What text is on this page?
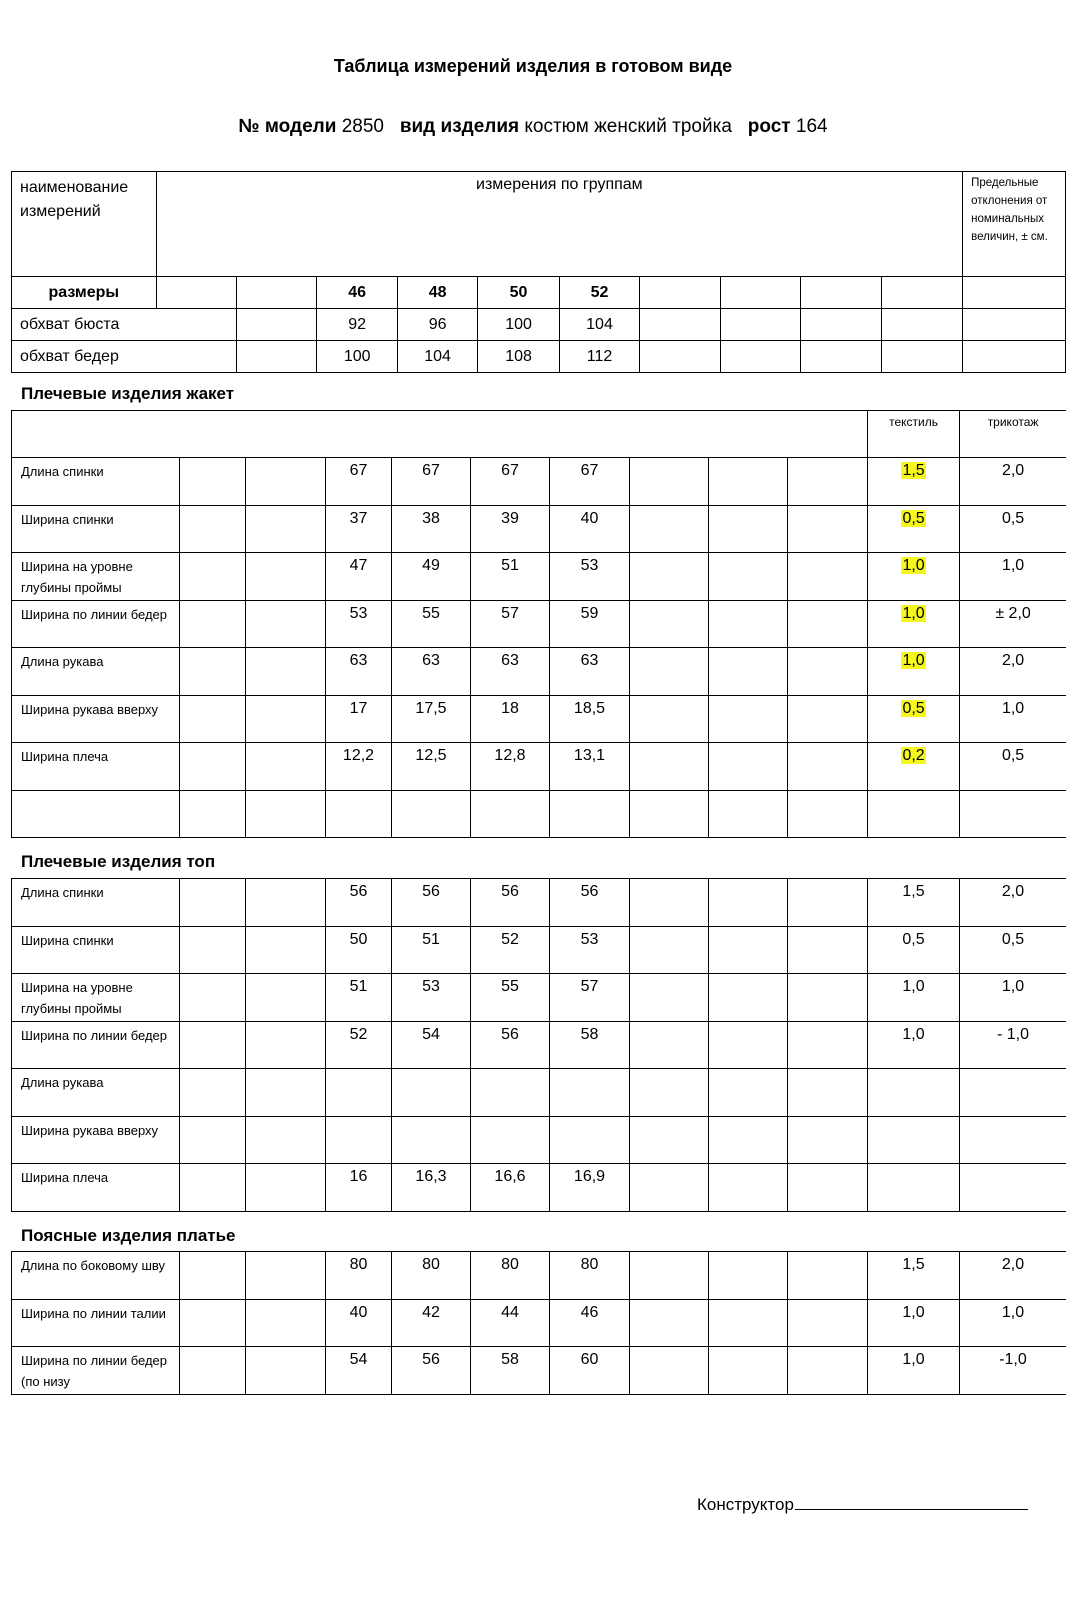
Таблица измерений изделия в готовом виде
№ модели 2850 вид изделия костюм женский тройка рост 164
наименование измерений	измерения по группам										Предельные отклонения от номинальных величин, ± см.
размеры			46	48	50	52					
обхват бюста			92	96	100	104					
обхват бедер			100	104	108	112					
Плечевые изделия жакет
										текстиль	трикотаж
Длина спинки			67	67	67	67				1,5	2,0
Ширина спинки			37	38	39	40				0,5	0,5
Ширина на уровне глубины проймы			47	49	51	53				1,0	1,0
Ширина по линии бедер			53	55	57	59				1,0	± 2,0
Длина рукава			63	63	63	63				1,0	2,0
Ширина рукава вверху			17	17,5	18	18,5				0,5	1,0
Ширина плеча			12,2	12,5	12,8	13,1				0,2	0,5

Плечевые изделия топ
Длина спинки			56	56	56	56				1,5	2,0
Ширина спинки			50	51	52	53				0,5	0,5
Ширина на уровне глубины проймы			51	53	55	57				1,0	1,0
Ширина по линии бедер			52	54	56	58				1,0	- 1,0
Длина рукава											
Ширина рукава вверху											
Ширина плеча			16	16,3	16,6	16,9					
Поясные изделия платье
Длина по боковому шву			80	80	80	80				1,5	2,0
Ширина по линии талии			40	42	44	46				1,0	1,0
Ширина по линии бедер (по низу			54	56	58	60				1,0	-1,0
Конструктор
